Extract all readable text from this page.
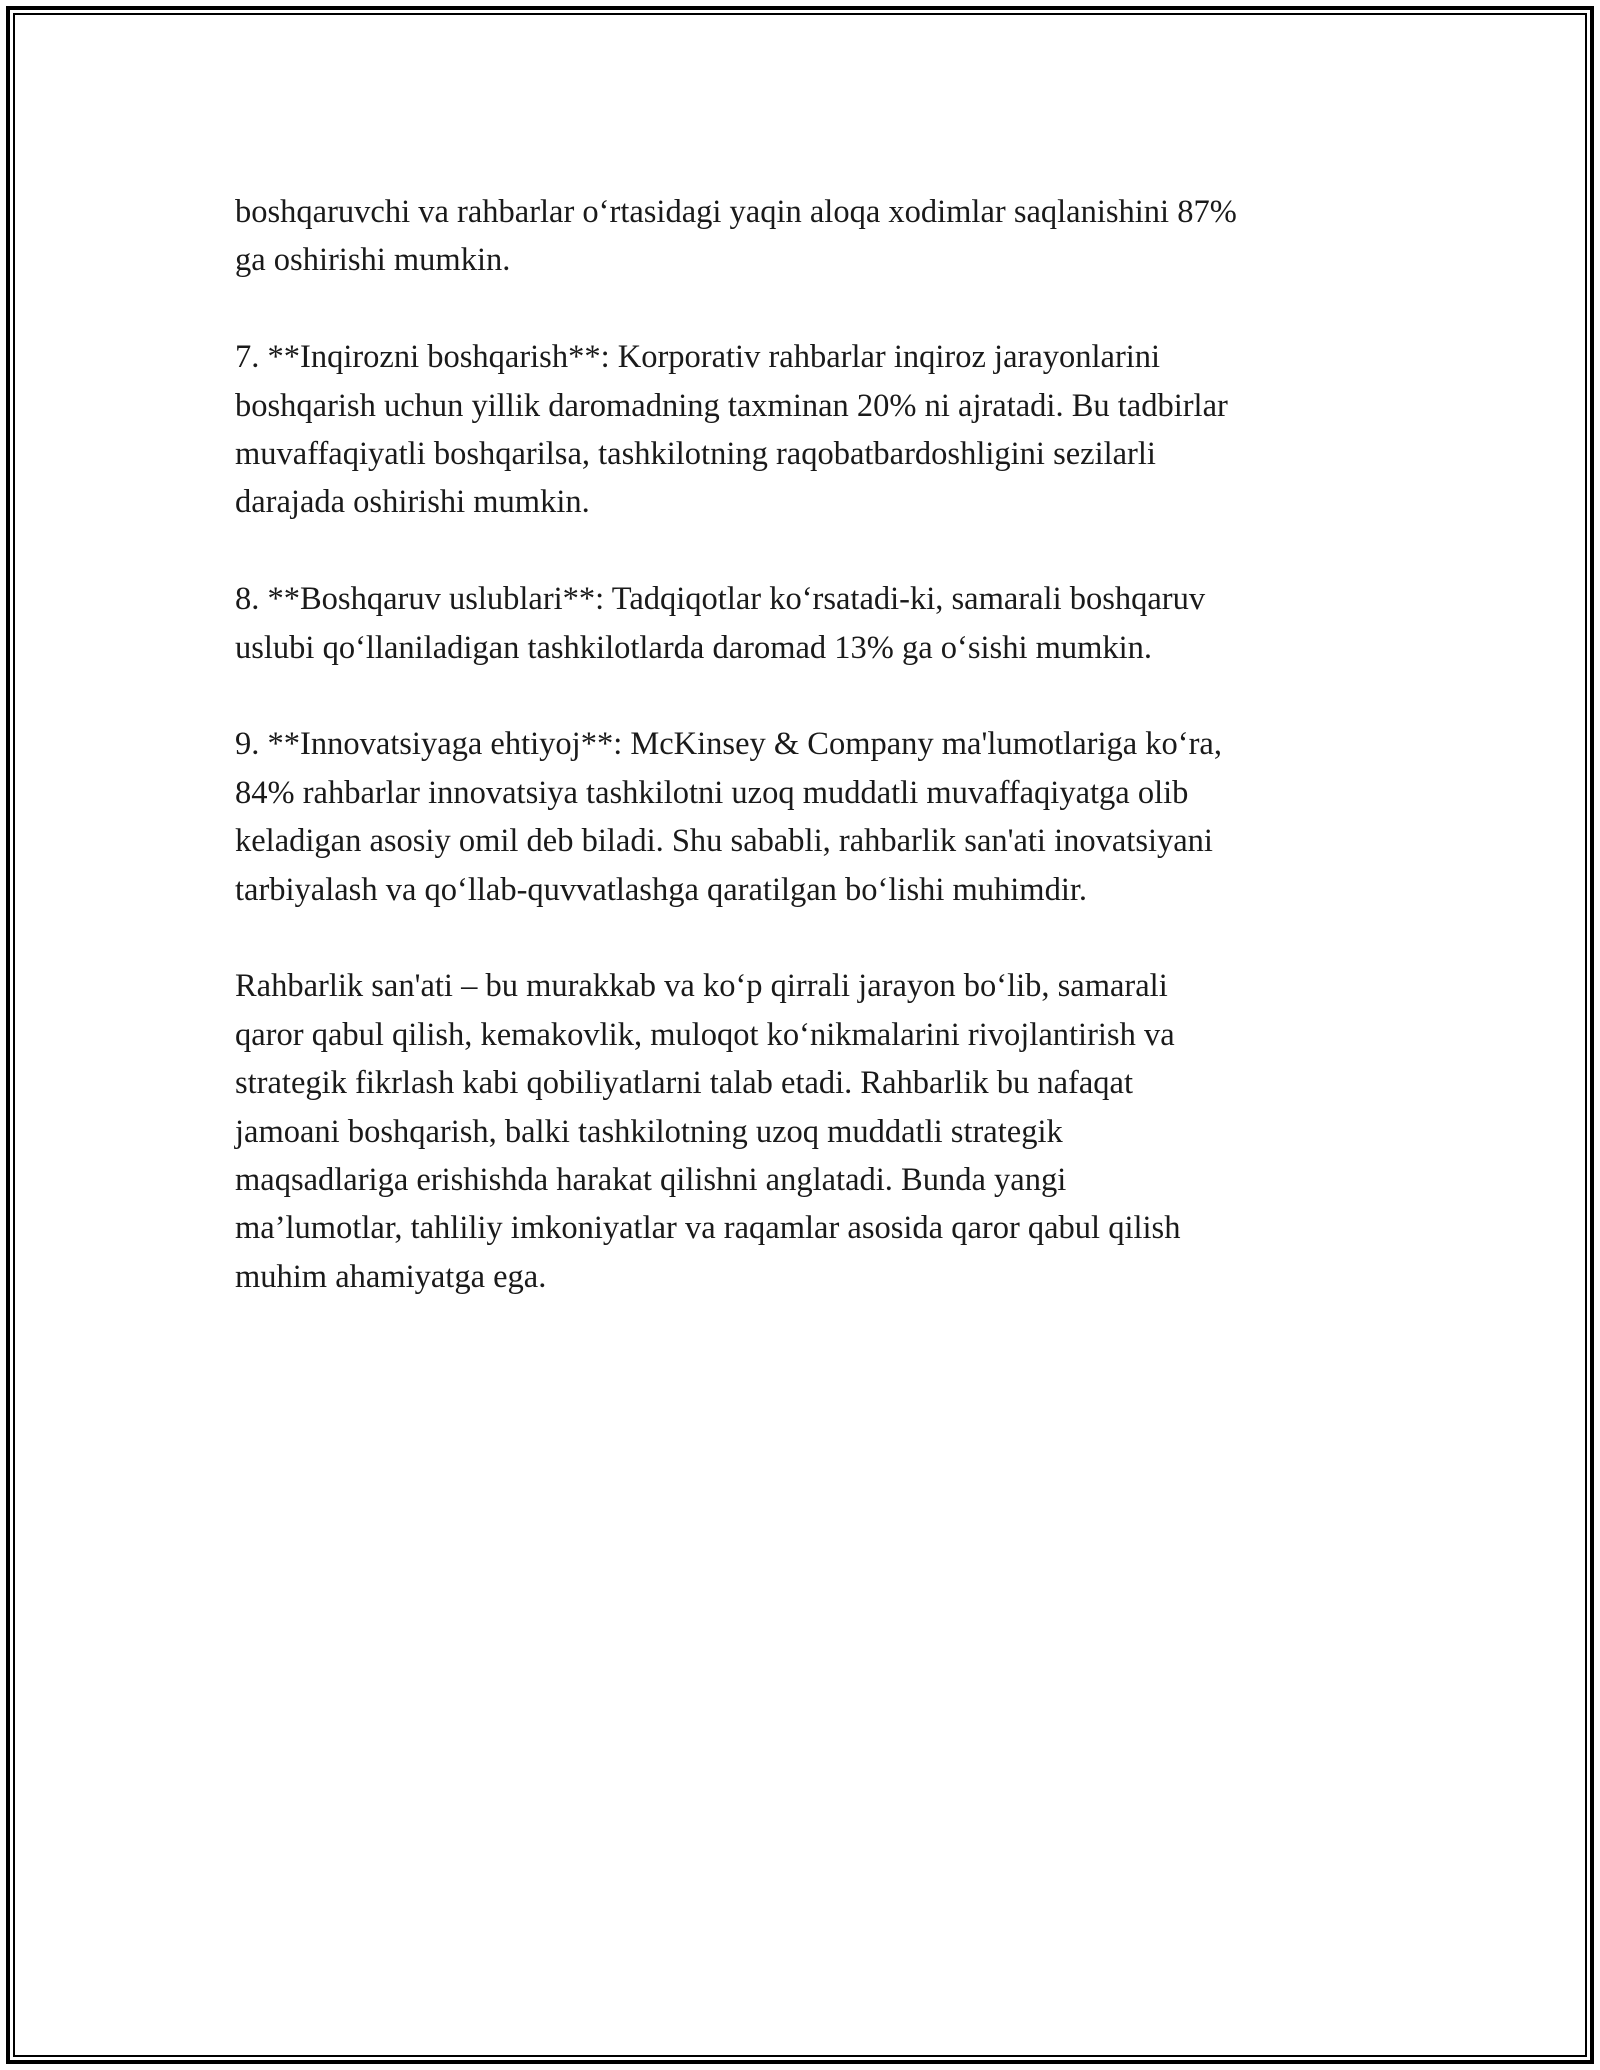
boshqaruvchi va rahbarlar o‘rtasidagi yaqin aloqa xodimlar saqlanishini 87%
ga oshirishi mumkin.

7. **Inqirozni boshqarish**: Korporativ rahbarlar inqiroz jarayonlarini
boshqarish uchun yillik daromadning taxminan 20% ni ajratadi. Bu tadbirlar
muvaffaqiyatli boshqarilsa, tashkilotning raqobatbardoshligini sezilarli
darajada oshirishi mumkin.

8. **Boshqaruv uslublari**: Tadqiqotlar ko‘rsatadi-ki, samarali boshqaruv
uslubi qo‘llaniladigan tashkilotlarda daromad 13% ga o‘sishi mumkin.

9. **Innovatsiyaga ehtiyoj**: McKinsey & Company ma'lumotlariga ko‘ra,
84% rahbarlar innovatsiya tashkilotni uzoq muddatli muvaffaqiyatga olib
keladigan asosiy omil deb biladi. Shu sababli, rahbarlik san'ati inovatsiyani
tarbiyalash va qo‘llab-quvvatlashga qaratilgan bo‘lishi muhimdir.

Rahbarlik san'ati – bu murakkab va ko‘p qirrali jarayon bo‘lib, samarali
qaror qabul qilish, kemakovlik, muloqot ko‘nikmalarini rivojlantirish va
strategik fikrlash kabi qobiliyatlarni talab etadi. Rahbarlik bu nafaqat
jamoani boshqarish, balki tashkilotning uzoq muddatli strategik
maqsadlariga erishishda harakat qilishni anglatadi. Bunda yangi
ma’lumotlar, tahliliy imkoniyatlar va raqamlar asosida qaror qabul qilish
muhim ahamiyatga ega.
